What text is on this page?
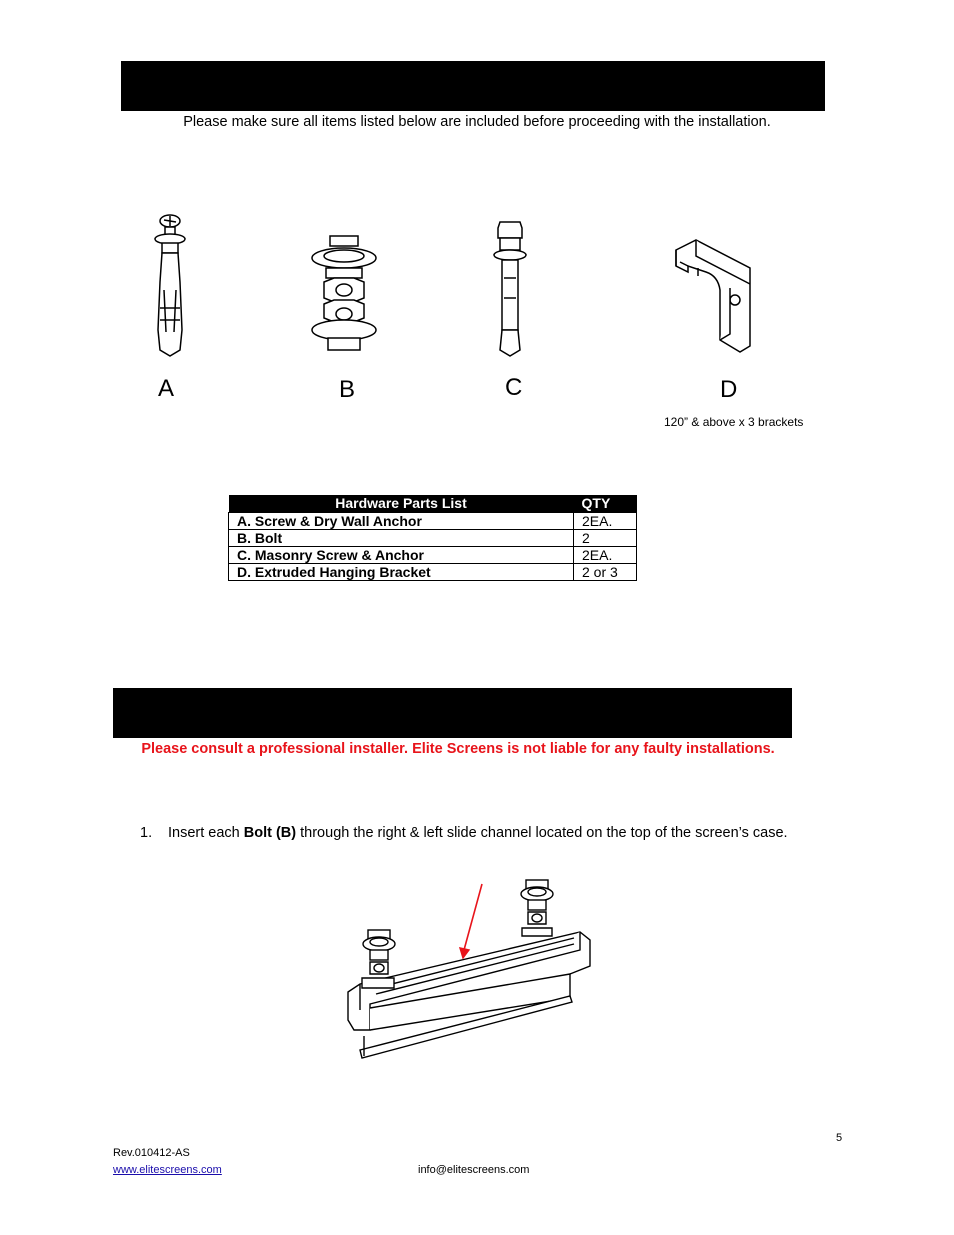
Please make sure all items listed below are included before proceeding with the installation.
A	B	C	D
120” & above x 3 brackets
Hardware Parts List	QTY
A. Screw & Dry Wall Anchor	2EA.
B. Bolt	2
C. Masonry Screw & Anchor	2EA.
D. Extruded Hanging Bracket	2 or 3
Please consult a professional installer. Elite Screens is not liable for any faulty installations.
1. Insert each Bolt (B) through the right & left slide channel located on the top of the screen’s case.
5
Rev.010412-AS
www.elitescreens.com	info@elitescreens.com
